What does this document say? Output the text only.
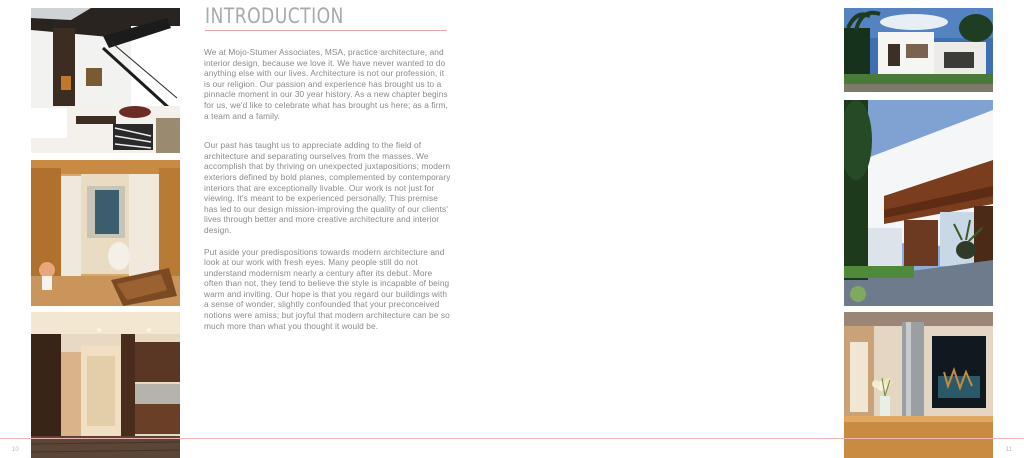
INTRODUCTION

We at Mojo-Stumer Associates, MSA, practice architecture, and interior design, because we love it. We have never wanted to do anything else with our lives. Architecture is not our profession, it is our religion. Our passion and experience has brought us to a pinnacle moment in our 30 year history. As a new chapter begins for us, we'd like to celebrate what has brought us here; as a firm, a team and a family.

Our past has taught us to appreciate adding to the field of architecture and separating ourselves from the masses. We accomplish that by thriving on unexpected juxtapositions; modern exteriors defined by bold planes, complemented by contemporary interiors that are exceptionally livable. Our work is not just for viewing. It's meant to be experienced personally. This premise has led to our design mission-improving the quality of our clients' lives through better and more creative architecture and interior design.

Put aside your predispositions towards modern architecture and look at our work with fresh eyes. Many people still do not understand modernism nearly a century after its debut. More often than not, they tend to believe the style is incapable of being warm and inviting. Our hope is that you regard our buildings with a sense of wonder, slightly confounded that your preconceived notions were amiss; but joyful that modern architecture can be so much more than what you thought it would be.

10	11
